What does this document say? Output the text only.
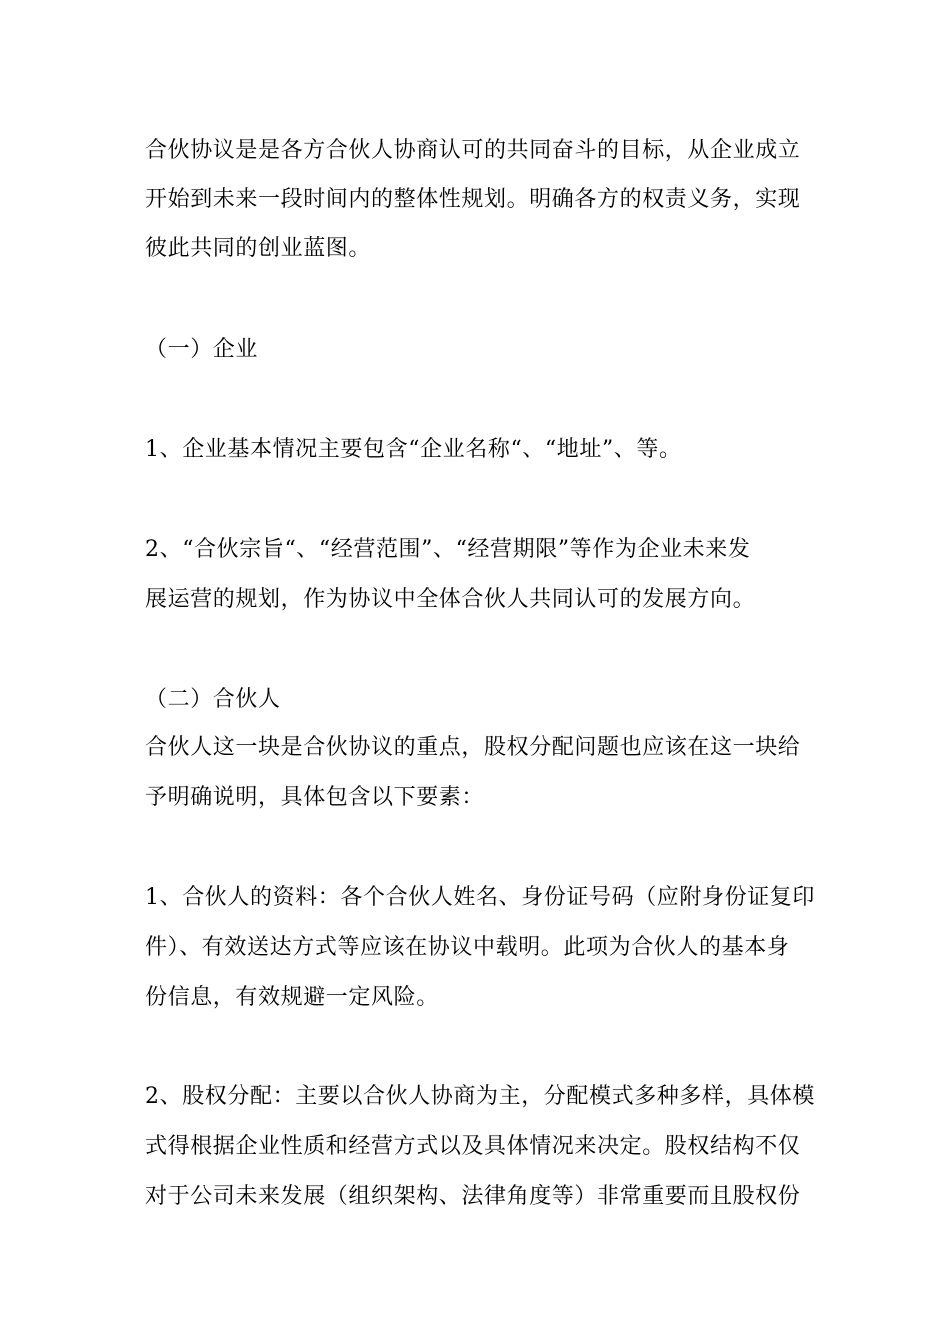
合伙协议是是各方合伙人协商认可的共同奋斗的目标，从企业成立
开始到未来一段时间内的整体性规划。明确各方的权责义务，实现
彼此共同的创业蓝图。
（一）企业
1、企业基本情况主要包含“企业名称“、“地址”、等。
2、“合伙宗旨“、“经营范围”、“经营期限”等作为企业未来发
展运营的规划，作为协议中全体合伙人共同认可的发展方向。
（二）合伙人
合伙人这一块是合伙协议的重点，股权分配问题也应该在这一块给
予明确说明，具体包含以下要素：
1、合伙人的资料：各个合伙人姓名、身份证号码（应附身份证复印
件）、有效送达方式等应该在协议中载明。此项为合伙人的基本身
份信息，有效规避一定风险。
2、股权分配：主要以合伙人协商为主，分配模式多种多样，具体模
式得根据企业性质和经营方式以及具体情况来决定。股权结构不仅
对于公司未来发展（组织架构、法律角度等）非常重要而且股权份
